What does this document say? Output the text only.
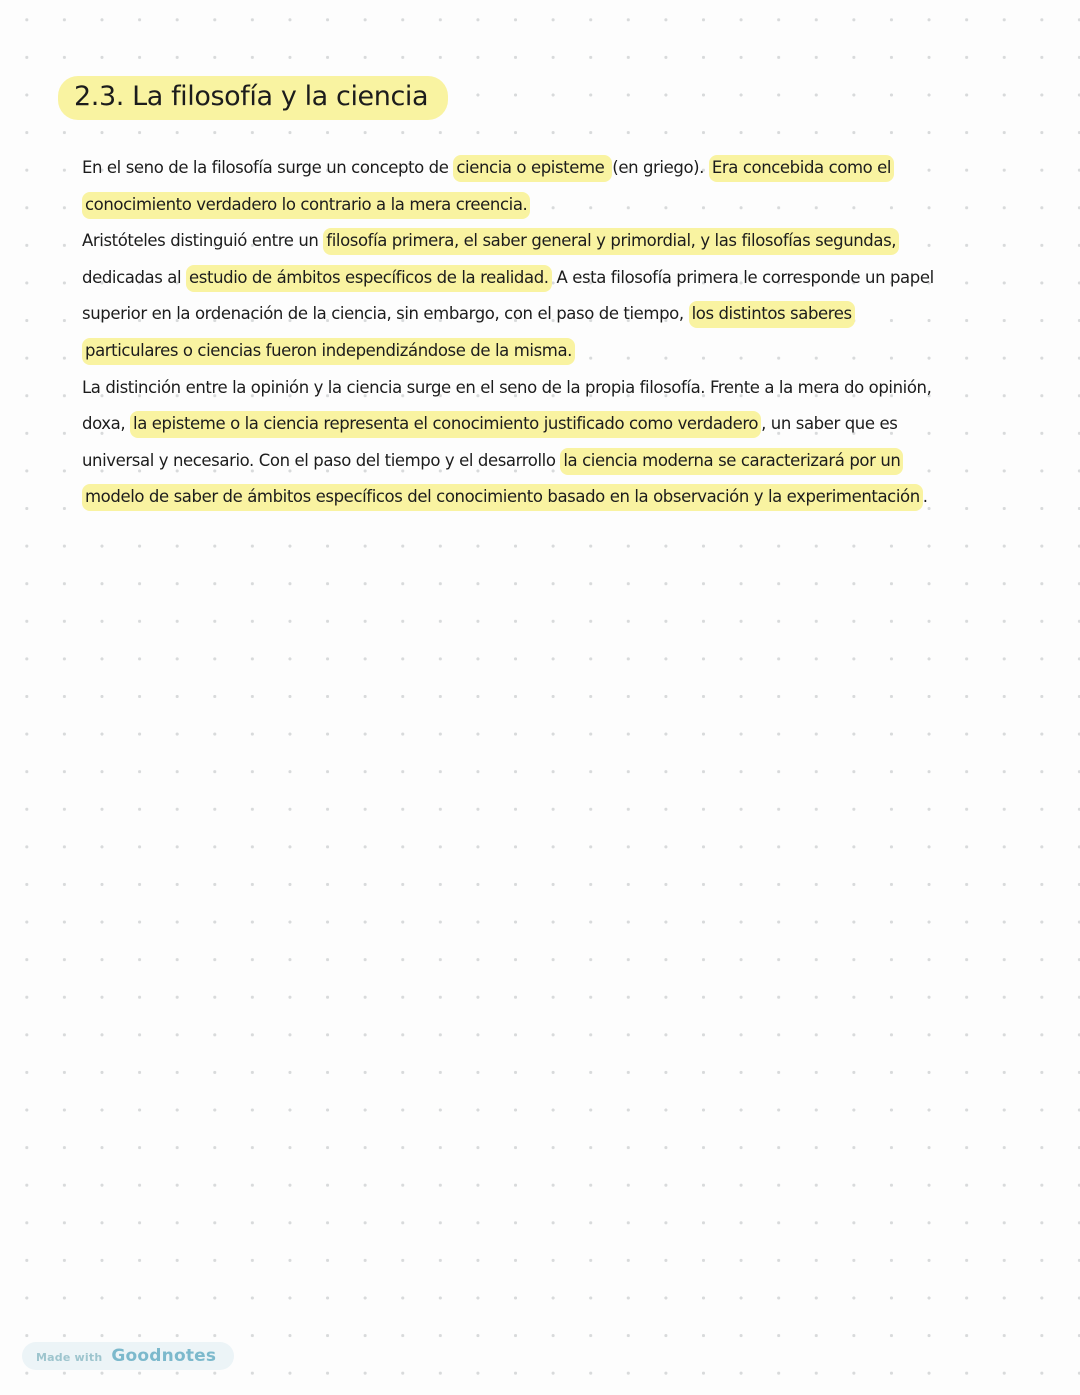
2.3. La filosofía y la ciencia
En el seno de la filosofía surge un concepto de ciencia o episteme (en griego). Era concebida como el
conocimiento verdadero lo contrario a la mera creencia.
Aristóteles distinguió entre un filosofía primera, el saber general y primordial, y las filosofías segundas,
dedicadas al estudio de ámbitos específicos de la realidad. A esta filosofía primera le corresponde un papel
superior en la ordenación de la ciencia, sin embargo, con el paso de tiempo, los distintos saberes
particulares o ciencias fueron independizándose de la misma.
La distinción entre la opinión y la ciencia surge en el seno de la propia filosofía. Frente a la mera do opinión,
doxa, la episteme o la ciencia representa el conocimiento justificado como verdadero , un saber que es
universal y necesario. Con el paso del tiempo y el desarrollo la ciencia moderna se caracterizará por un
modelo de saber de ámbitos específicos del conocimiento basado en la observación y la experimentación .
Made with Goodnotes
